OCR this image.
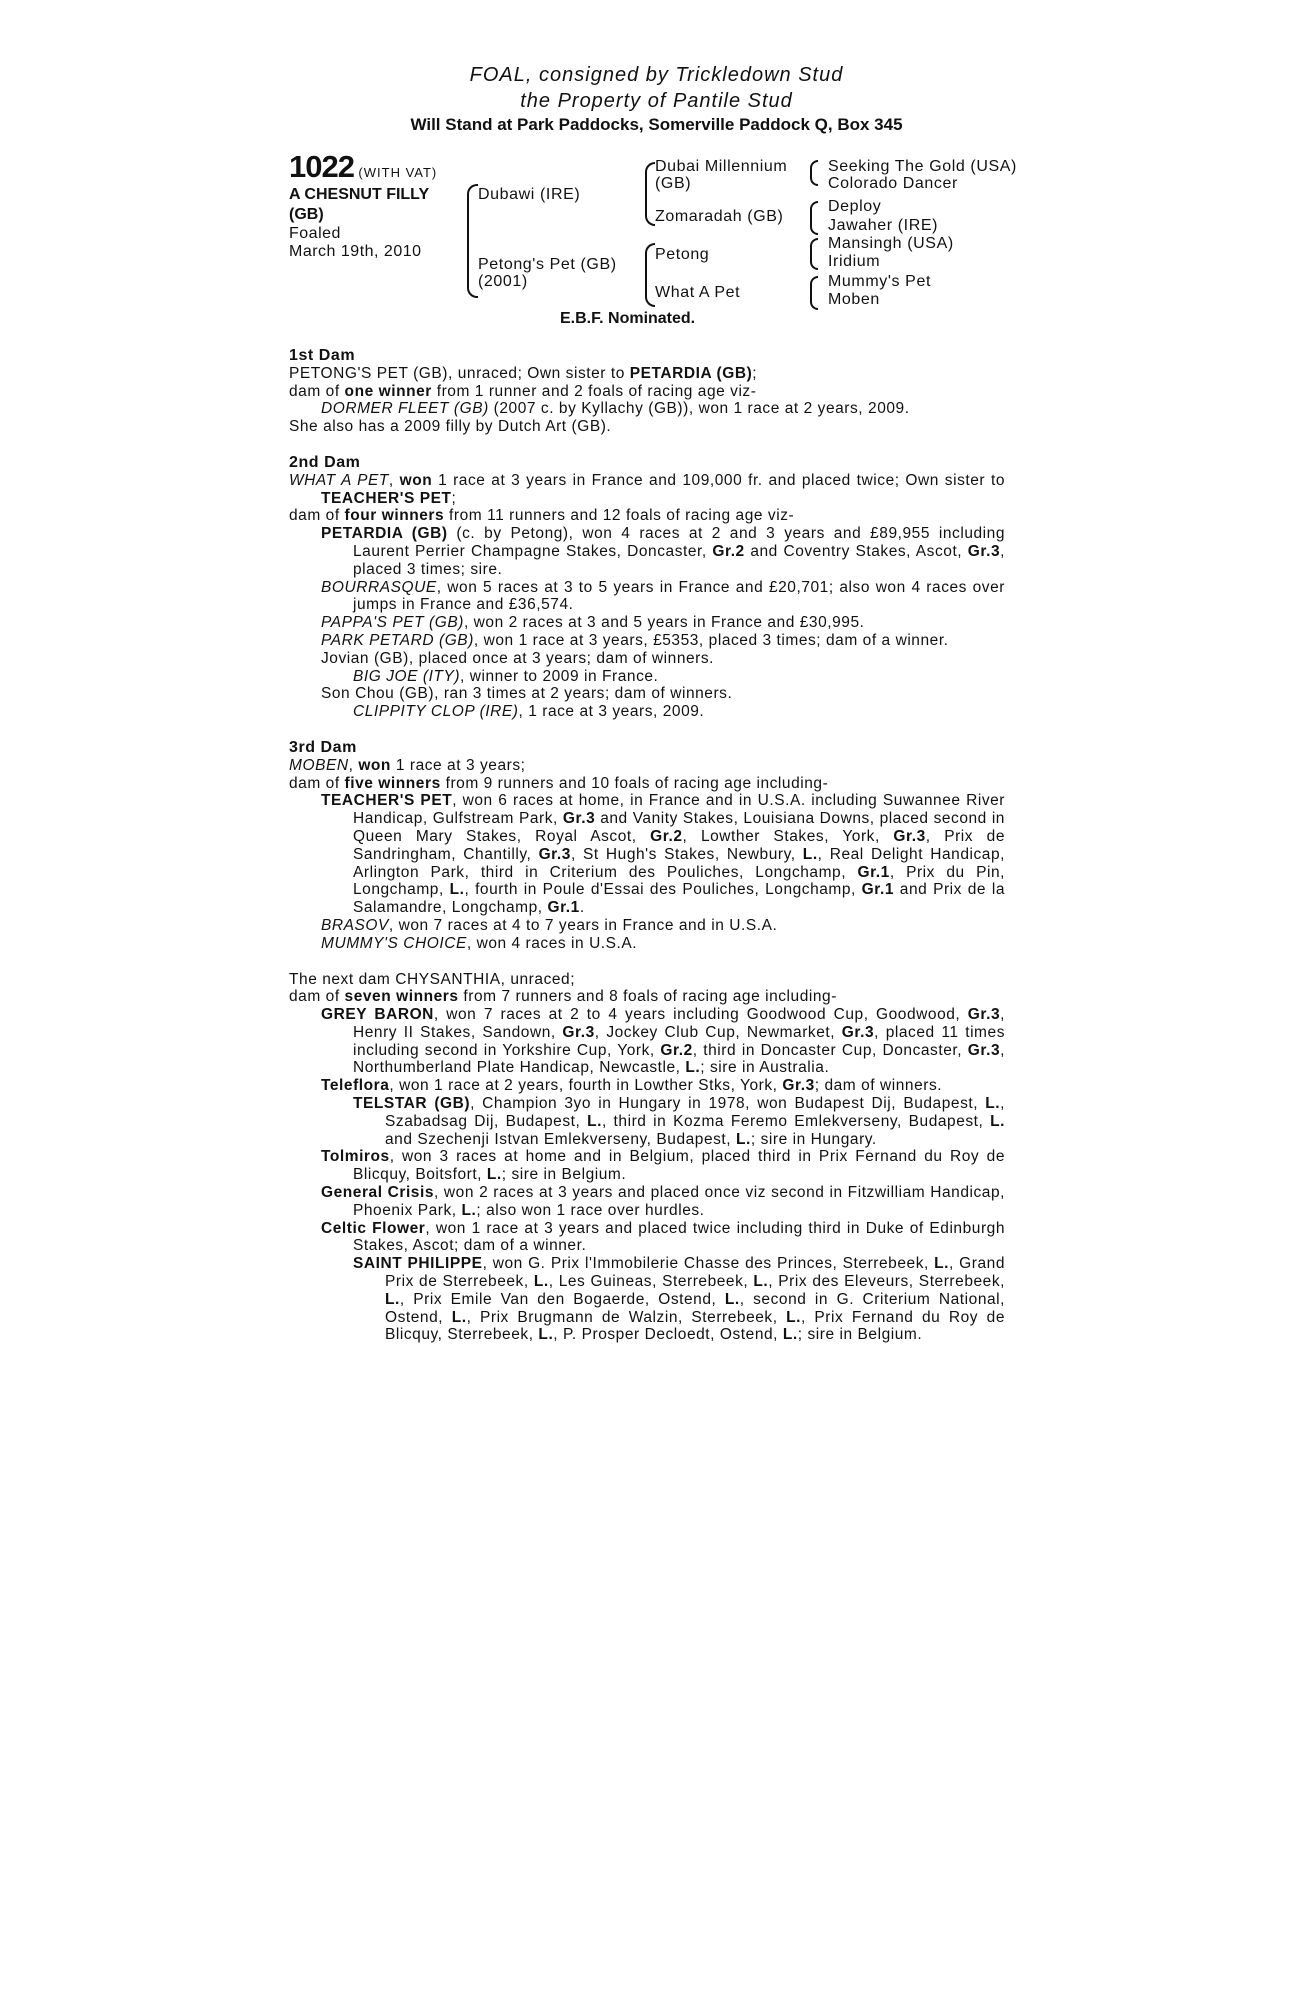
FOAL, consigned by Trickledown Stud
the Property of Pantile Stud
Will Stand at Park Paddocks, Somerville Paddock Q, Box 345
1022 (WITH VAT)
A CHESNUT FILLY
(GB)
Foaled
March 19th, 2010
Dubawi (IRE)
Petong's Pet (GB)
(2001)
Dubai Millennium
(GB)
Zomaradah (GB)
Petong
What A Pet
Seeking The Gold (USA)
Colorado Dancer
Deploy
Jawaher (IRE)
Mansingh (USA)
Iridium
Mummy's Pet
Moben
E.B.F. Nominated.

1st Dam

PETONG'S PET (GB), unraced; Own sister to PETARDIA (GB);

dam of one winner from 1 runner and 2 foals of racing age viz-

DORMER FLEET (GB) (2007 c. by Kyllachy (GB)), won 1 race at 2 years, 2009.

She also has a 2009 filly by Dutch Art (GB).

2nd Dam

WHAT A PET, won 1 race at 3 years in France and 109,000 fr. and placed twice; Own sister to TEACHER'S PET;

dam of four winners from 11 runners and 12 foals of racing age viz-

PETARDIA (GB) (c. by Petong), won 4 races at 2 and 3 years and £89,955 including Laurent Perrier Champagne Stakes, Doncaster, Gr.2 and Coventry Stakes, Ascot, Gr.3, placed 3 times; sire.

BOURRASQUE, won 5 races at 3 to 5 years in France and £20,701; also won 4 races over jumps in France and £36,574.

PAPPA'S PET (GB), won 2 races at 3 and 5 years in France and £30,995.

PARK PETARD (GB), won 1 race at 3 years, £5353, placed 3 times; dam of a winner.

Jovian (GB), placed once at 3 years; dam of winners.

BIG JOE (ITY), winner to 2009 in France.

Son Chou (GB), ran 3 times at 2 years; dam of winners.

CLIPPITY CLOP (IRE), 1 race at 3 years, 2009.

3rd Dam

MOBEN, won 1 race at 3 years;

dam of five winners from 9 runners and 10 foals of racing age including-

TEACHER'S PET, won 6 races at home, in France and in U.S.A. including Suwannee River Handicap, Gulfstream Park, Gr.3 and Vanity Stakes, Louisiana Downs, placed second in Queen Mary Stakes, Royal Ascot, Gr.2, Lowther Stakes, York, Gr.3, Prix de Sandringham, Chantilly, Gr.3, St Hugh's Stakes, Newbury, L., Real Delight Handicap, Arlington Park, third in Criterium des Pouliches, Longchamp, Gr.1, Prix du Pin, Longchamp, L., fourth in Poule d'Essai des Pouliches, Longchamp, Gr.1 and Prix de la Salamandre, Longchamp, Gr.1.

BRASOV, won 7 races at 4 to 7 years in France and in U.S.A.

MUMMY'S CHOICE, won 4 races in U.S.A.

The next dam CHYSANTHIA, unraced;

dam of seven winners from 7 runners and 8 foals of racing age including-

GREY BARON, won 7 races at 2 to 4 years including Goodwood Cup, Goodwood, Gr.3, Henry II Stakes, Sandown, Gr.3, Jockey Club Cup, Newmarket, Gr.3, placed 11 times including second in Yorkshire Cup, York, Gr.2, third in Doncaster Cup, Doncaster, Gr.3, Northumberland Plate Handicap, Newcastle, L.; sire in Australia.

Teleflora, won 1 race at 2 years, fourth in Lowther Stks, York, Gr.3; dam of winners.

TELSTAR (GB), Champion 3yo in Hungary in 1978, won Budapest Dij, Budapest, L., Szabadsag Dij, Budapest, L., third in Kozma Feremo Emlekverseny, Budapest, L. and Szechenji Istvan Emlekverseny, Budapest, L.; sire in Hungary.

Tolmiros, won 3 races at home and in Belgium, placed third in Prix Fernand du Roy de Blicquy, Boitsfort, L.; sire in Belgium.

General Crisis, won 2 races at 3 years and placed once viz second in Fitzwilliam Handicap, Phoenix Park, L.; also won 1 race over hurdles.

Celtic Flower, won 1 race at 3 years and placed twice including third in Duke of Edinburgh Stakes, Ascot; dam of a winner.

SAINT PHILIPPE, won G. Prix l'Immobilerie Chasse des Princes, Sterrebeek, L., Grand Prix de Sterrebeek, L., Les Guineas, Sterrebeek, L., Prix des Eleveurs, Sterrebeek, L., Prix Emile Van den Bogaerde, Ostend, L., second in G. Criterium National, Ostend, L., Prix Brugmann de Walzin, Sterrebeek, L., Prix Fernand du Roy de Blicquy, Sterrebeek, L., P. Prosper Decloedt, Ostend, L.; sire in Belgium.
